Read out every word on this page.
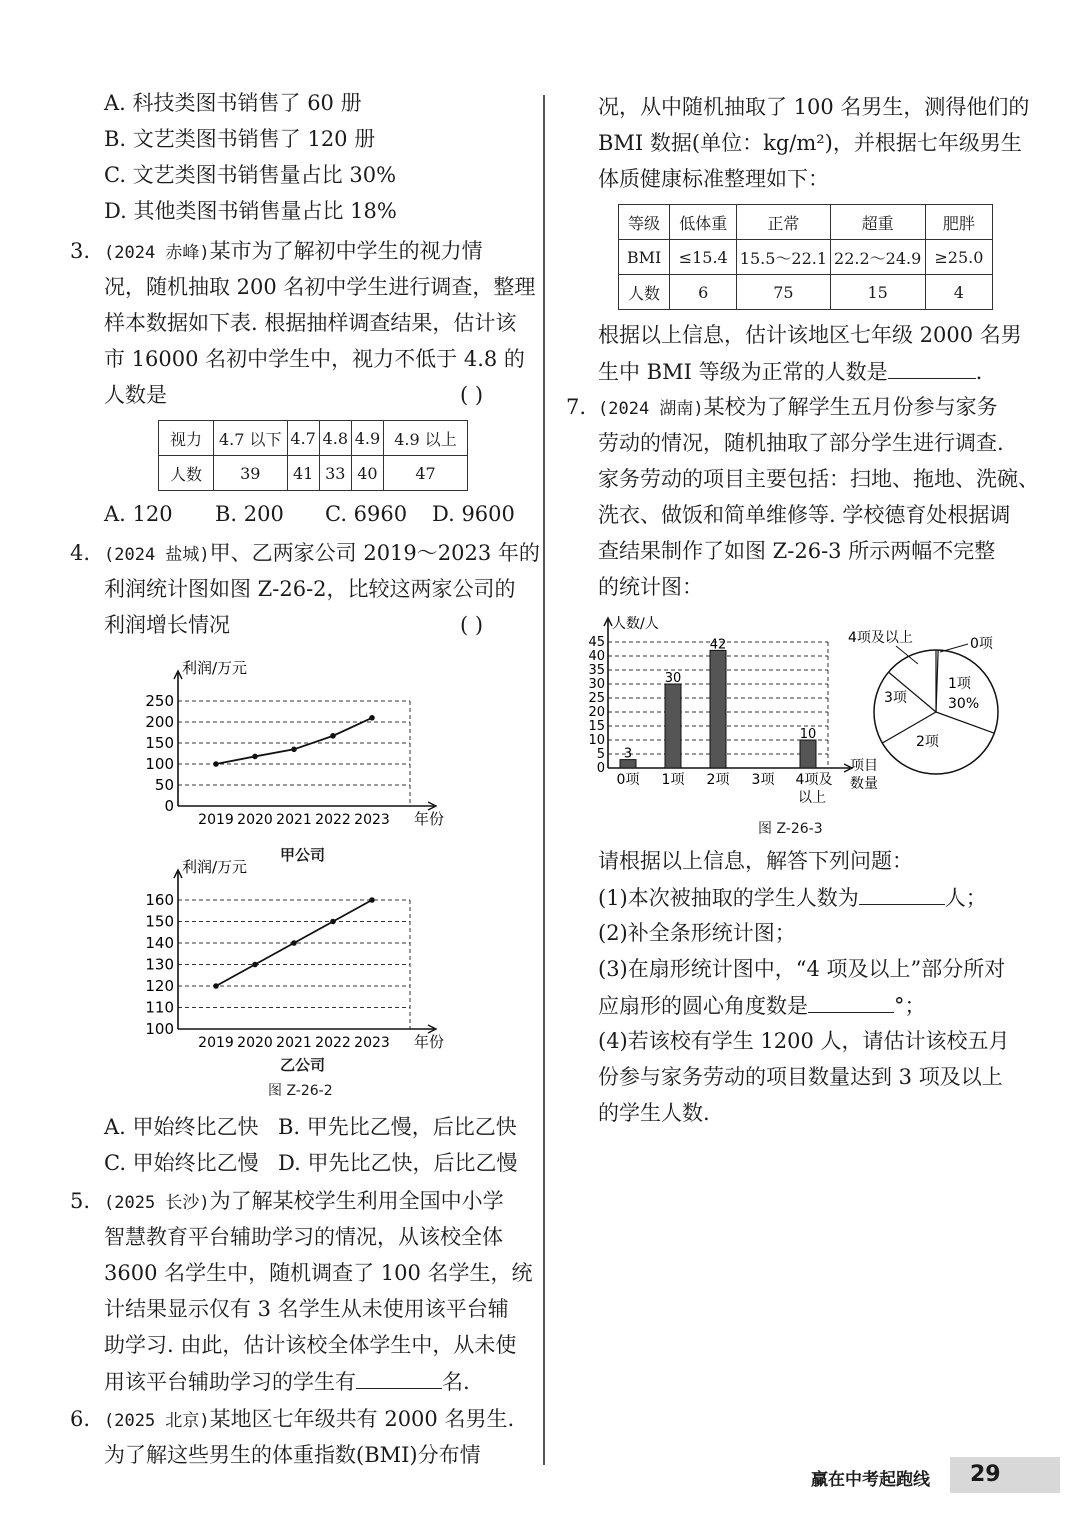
A. 科技类图书销售了 60 册
B. 文艺类图书销售了 120 册
C. 文艺类图书销售量占比 30%
D. 其他类图书销售量占比 18%
3. (2024 赤峰)某市为了解初中学生的视力情
况，随机抽取 200 名初中学生进行调查，整理
样本数据如下表. 根据抽样调查结果，估计该
市 16000 名初中学生中，视力不低于 4.8 的
人数是	( )
视力	4.7 以下	4.7	4.8	4.9	4.9 以上
人数	39	41	33	40	47
A. 120 B. 200 C. 6960 D. 9600
4. (2024 盐城)甲、乙两家公司 2019～2023 年的
利润统计图如图 Z-26-2，比较这两家公司的
利润增长情况	( )
0
50
100
150
200
250
2019 2020 2021 2022 2023
利润/万元
年份
甲公司
100
110
120
130
140
150
160
2019 2020 2021 2022 2023
利润/万元
年份
乙公司
图 Z-26-2
A. 甲始终比乙快 B. 甲先比乙慢，后比乙快
C. 甲始终比乙慢 D. 甲先比乙快，后比乙慢
5. (2025 长沙)为了解某校学生利用全国中小学
智慧教育平台辅助学习的情况，从该校全体
3600 名学生中，随机调查了 100 名学生，统
计结果显示仅有 3 名学生从未使用该平台辅
助学习. 由此，估计该校全体学生中，从未使
用该平台辅助学习的学生有	名.
6. (2025 北京)某地区七年级共有 2000 名男生.
为了解这些男生的体重指数(BMI)分布情
况，从中随机抽取了 100 名男生，测得他们的
BMI 数据(单位：kg/m²)，并根据七年级男生
体质健康标准整理如下：
等级	低体重	正常	超重	肥胖
BMI	≤15.4	15.5～22.1	22.2～24.9	≥25.0
人数	6	75	15	4
根据以上信息，估计该地区七年级 2000 名男
生中 BMI 等级为正常的人数是	.
7. (2024 湖南)某校为了解学生五月份参与家务
劳动的情况，随机抽取了部分学生进行调查.
家务劳动的项目主要包括：扫地、拖地、洗碗、
洗衣、做饭和简单维修等. 学校德育处根据调
查结果制作了如图 Z-26-3 所示两幅不完整
的统计图：
0
5
10
15
20
25
30
35
40
45
人数/人
项目
数量
3
0项
30
1项
42
2项 3项
10
4项及
以上
4项及以上	0项
1项
30%
3项
2项
图 Z-26-3
请根据以上信息，解答下列问题：
(1)本次被抽取的学生人数为	人；
(2)补全条形统计图；
(3)在扇形统计图中，“4 项及以上”部分所对
应扇形的圆心角度数是	°；
(4)若该校有学生 1200 人，请估计该校五月
份参与家务劳动的项目数量达到 3 项及以上
的学生人数.
赢在中考起跑线	29
